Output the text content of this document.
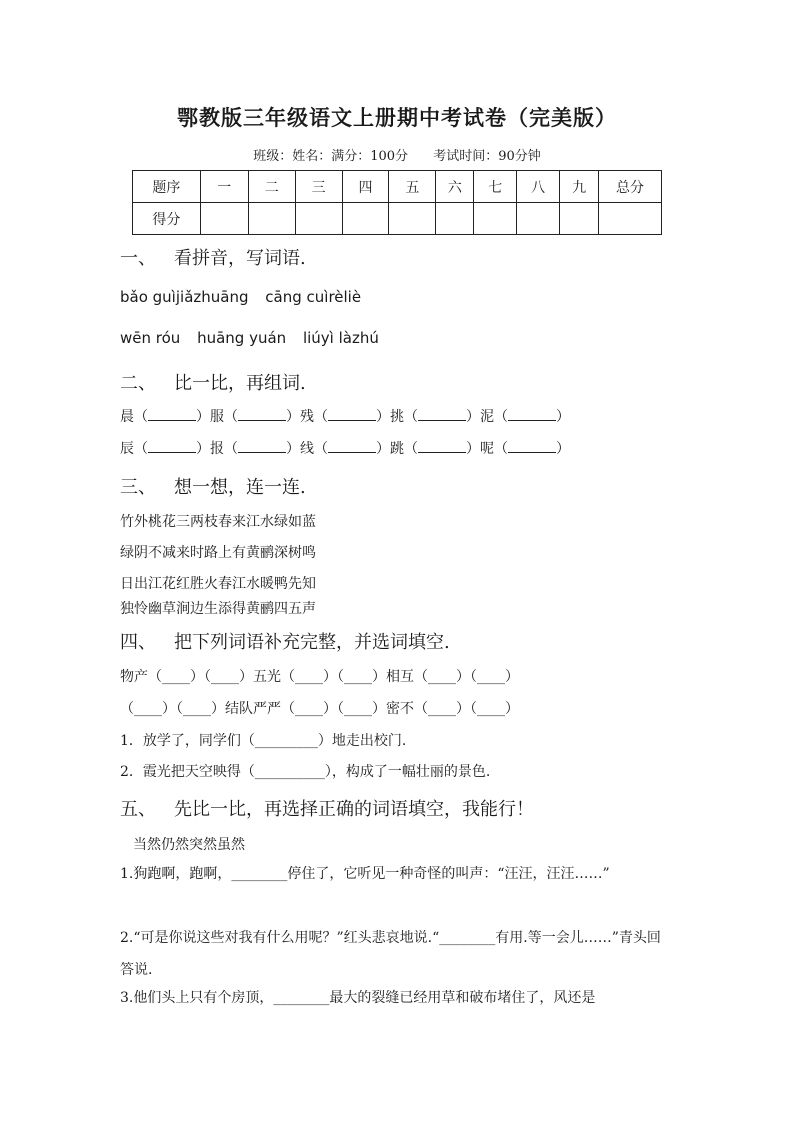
鄂教版三年级语文上册期中考试卷（完美版）
班级：姓名：满分：100分 考试时间：90分钟
题序	一	二	三	四	五	六	七	八	九	总分
得分										
一、 看拼音，写词语.
bǎo guìjiǎzhuāng cāng cuìrèliè
wēn róu huāng yuán liúyì làzhú
二、 比一比，再组词.
晨（	）服（	）残（	）挑（	）泥（	）
辰（	）报（	）线（	）跳（	）呢（	）
三、 想一想，连一连.
竹外桃花三两枝春来江水绿如蓝
绿阴不减来时路上有黄鹂深树鸣
日出江花红胜火春江水暖鸭先知
独怜幽草涧边生添得黄鹂四五声
四、 把下列词语补充完整，并选词填空.
物产（____）（____）五光（____）（____）相互（____）（____）
（____）（____）结队严严（____）（____）密不（____）（____）
1．放学了，同学们（_________）地走出校门.
2．霞光把天空映得（__________），构成了一幅壮丽的景色.
五、 先比一比，再选择正确的词语填空，我能行！
当然仍然突然虽然
1.狗跑啊，跑啊，________停住了，它听见一种奇怪的叫声：“汪汪，汪汪……”
2.“可是你说这些对我有什么用呢？”红头悲哀地说.“________有用.等一会儿……”青头回答说.
3.他们头上只有个房顶，________最大的裂缝已经用草和破布堵住了，风还是
